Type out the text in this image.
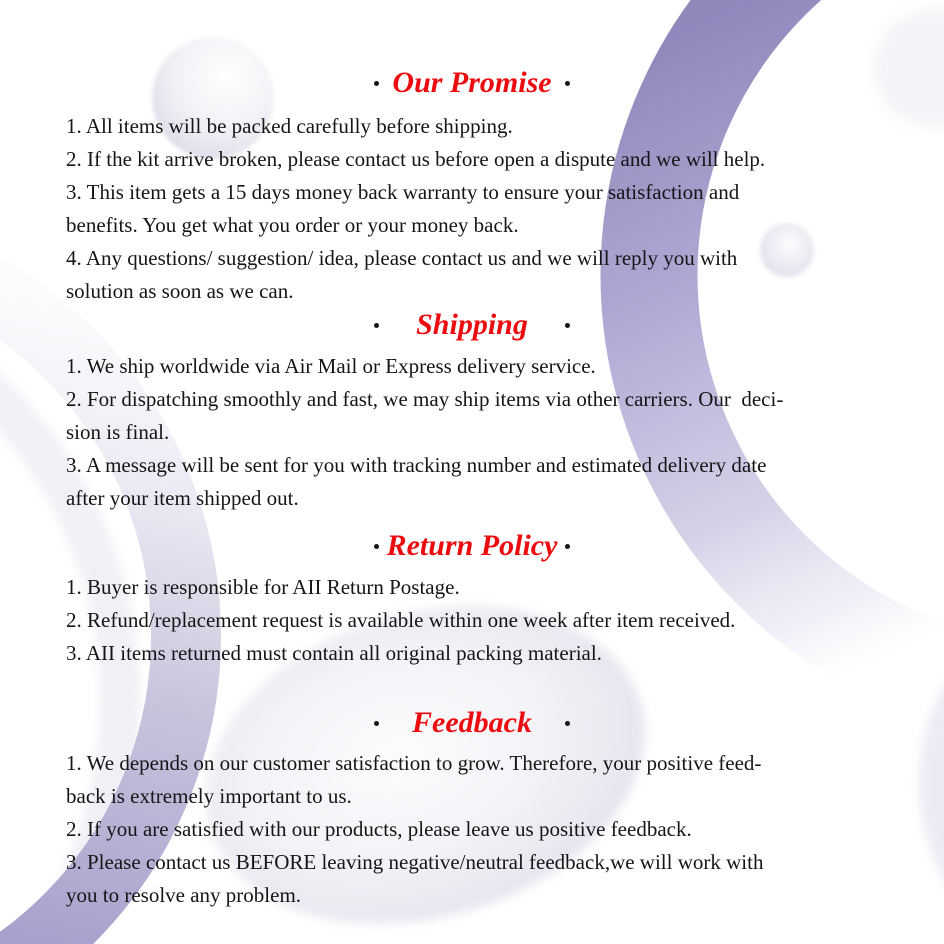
Our Promise
1. All items will be packed carefully before shipping.
2. If the kit arrive broken, please contact us before open a dispute and we will help.
3. This item gets a 15 days money back warranty to ensure your satisfaction and
benefits. You get what you order or your money back.
4. Any questions/ suggestion/ idea, please contact us and we will reply you with
solution as soon as we can.
Shipping
1. We ship worldwide via Air Mail or Express delivery service.
2. For dispatching smoothly and fast, we may ship items via other carriers. Our  deci-
sion is final.
3. A message will be sent for you with tracking number and estimated delivery date
after your item shipped out.
Return Policy
1. Buyer is responsible for AII Return Postage.
2. Refund/replacement request is available within one week after item received.
3. AII items returned must contain all original packing material.
Feedback
1. We depends on our customer satisfaction to grow. Therefore, your positive feed-
back is extremely important to us.
2. If you are satisfied with our products, please leave us positive feedback.
3. Please contact us BEFORE leaving negative/neutral feedback,we will work with
you to resolve any problem.
